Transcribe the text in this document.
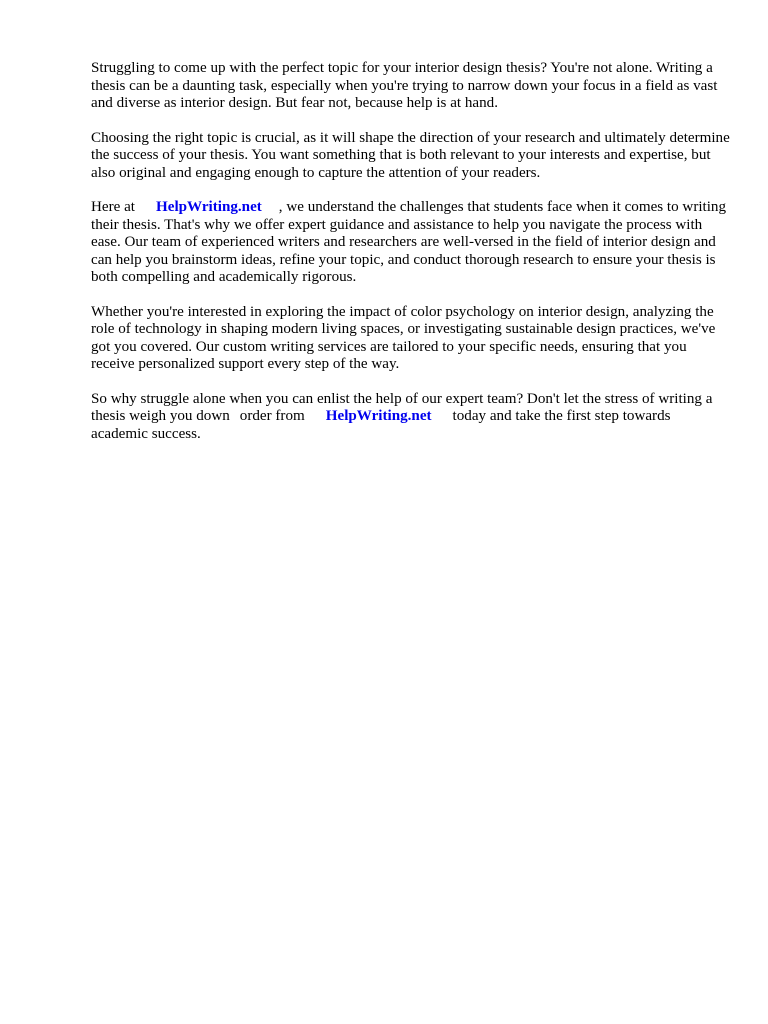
Struggling to come up with the perfect topic for your interior design thesis? You're not alone. Writing a thesis can be a daunting task, especially when you're trying to narrow down your focus in a field as vast and diverse as interior design. But fear not, because help is at hand.

Choosing the right topic is crucial, as it will shape the direction of your research and ultimately determine the success of your thesis. You want something that is both relevant to your interests and expertise, but also original and engaging enough to capture the attention of your readers.

Here at HelpWriting.net , we understand the challenges that students face when it comes to writing their thesis. That's why we offer expert guidance and assistance to help you navigate the process with ease. Our team of experienced writers and researchers are well-versed in the field of interior design and can help you brainstorm ideas, refine your topic, and conduct thorough research to ensure your thesis is both compelling and academically rigorous.

Whether you're interested in exploring the impact of color psychology on interior design, analyzing the role of technology in shaping modern living spaces, or investigating sustainable design practices, we've got you covered. Our custom writing services are tailored to your specific needs, ensuring that you receive personalized support every step of the way.

So why struggle alone when you can enlist the help of our expert team? Don't let the stress of writing a thesis weigh you down order from HelpWriting.net today and take the first step towards academic success.
